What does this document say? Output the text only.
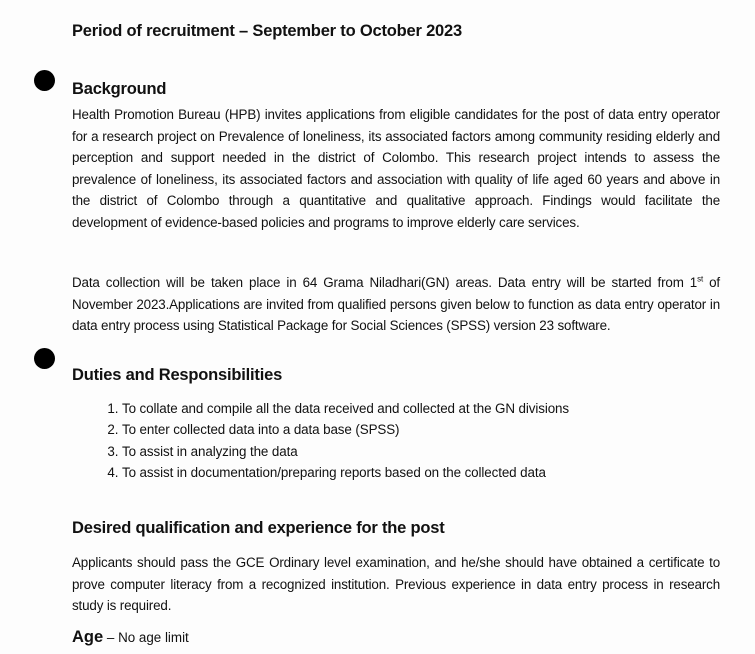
Period of recruitment – September to October 2023
Background

Health Promotion Bureau (HPB) invites applications from eligible candidates for the post of data entry operator for a research project on Prevalence of loneliness, its associated factors among community residing elderly and perception and support needed in the district of Colombo. This research project intends to assess the prevalence of loneliness, its associated factors and association with quality of life aged 60 years and above in the district of Colombo through a quantitative and qualitative approach. Findings would facilitate the development of evidence-based policies and programs to improve elderly care services.

Data collection will be taken place in 64 Grama Niladhari(GN) areas. Data entry will be started from 1st of November 2023.Applications are invited from qualified persons given below to function as data entry operator in data entry process using Statistical Package for Social Sciences (SPSS) version 23 software.

Duties and Responsibilities
1. To collate and compile all the data received and collected at the GN divisions
2. To enter collected data into a data base (SPSS)
3. To assist in analyzing the data
4. To assist in documentation/preparing reports based on the collected data
Desired qualification and experience for the post

Applicants should pass the GCE Ordinary level examination, and he/she should have obtained a certificate to prove computer literacy from a recognized institution. Previous experience in data entry process in research study is required.

Age – No age limit
